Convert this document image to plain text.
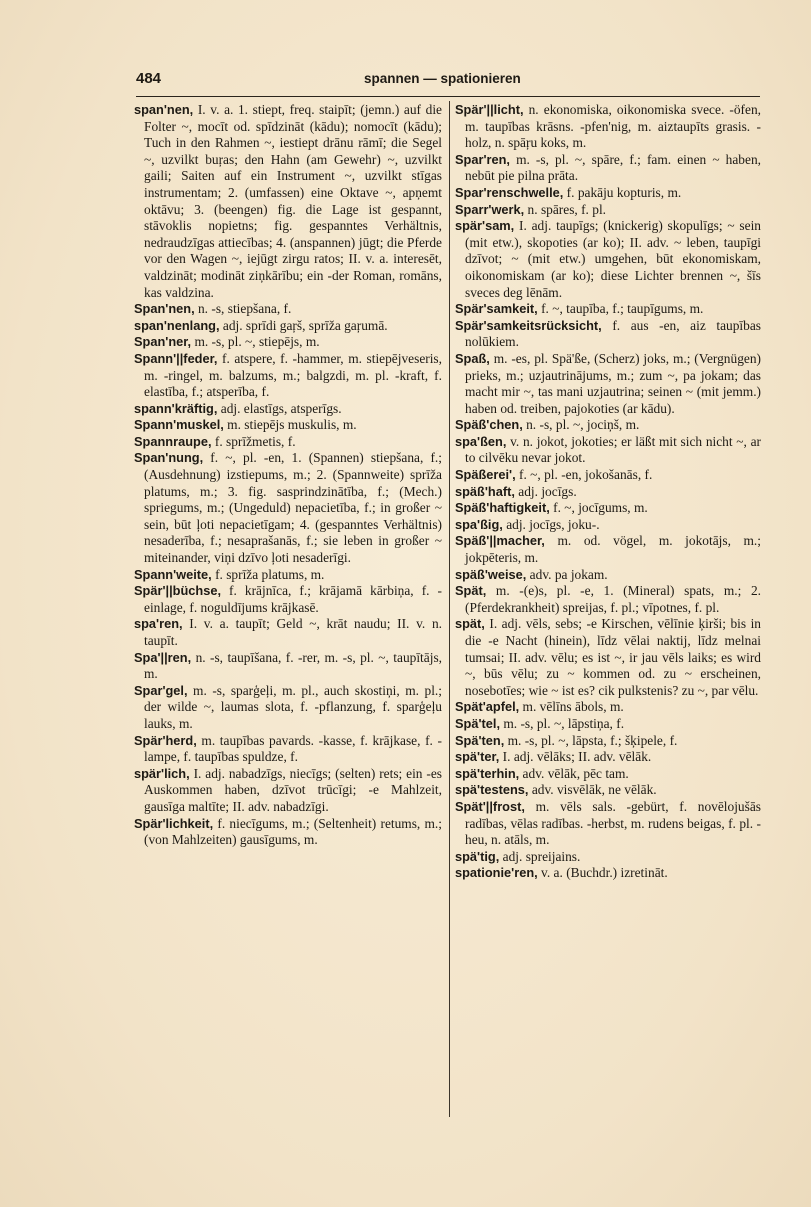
484	spannen — spationieren

span'nen, I. v. a. 1. stiept, freq. staipīt; (jemn.) auf die Folter ~, mocīt od. spīdzināt (kādu); nomocīt (kādu); Tuch in den Rahmen ~, iestiept drānu rāmī; die Segel ~, uzvilkt buŗas; den Hahn (am Gewehr) ~, uzvilkt gaili; Saiten auf ein Instrument ~, uzvilkt stīgas instrumentam; 2. (umfassen) eine Oktave ~, apņemt oktāvu; 3. (beengen) fig. die Lage ist gespannt, stāvoklis nopietns; fig. gespanntes Verhältnis, nedraudzīgas attiecības; 4. (anspannen) jūgt; die Pferde vor den Wagen ~, iejūgt zirgu ratos; II. v. a. interesēt, valdzināt; modināt ziņkārību; ein -der Roman, romāns, kas valdzina.

Span'nen, n. -s, stiepšana, f.

span'nenlang, adj. sprīdi gaŗš, sprīža gaŗumā.

Span'ner, m. -s, pl. ~, stiepējs, m.

Spann'||feder, f. atspere, f. -hammer, m. stiepējveseris, m. -ringel, m. balzums, m.; balgzdi, m. pl. -kraft, f. elastība, f.; atsperība, f.

spann'kräftig, adj. elastīgs, atsperīgs.

Spann'muskel, m. stiepējs muskulis, m.

Spannraupe, f. sprīžmetis, f.

Span'nung, f. ~, pl. -en, 1. (Spannen) stiepšana, f.; (Ausdehnung) izstiepums, m.; 2. (Spannweite) sprīža platums, m.; 3. fig. sasprindzinātība, f.; (Mech.) spriegums, m.; (Ungeduld) nepacietība, f.; in großer ~ sein, būt ļoti nepacietīgam; 4. (gespanntes Verhältnis) nesaderība, f.; nesaprašanās, f.; sie leben in großer ~ miteinander, viņi dzīvo ļoti nesaderīgi.

Spann'weite, f. sprīža platums, m.

Spär'||büchse, f. krājnīca, f.; krājamā kārbiņa, f. -einlage, f. noguldījums krājkasē.

spa'ren, I. v. a. taupīt; Geld ~, krāt naudu; II. v. n. taupīt.

Spa'||ren, n. -s, taupīšana, f. -rer, m. -s, pl. ~, taupītājs, m.

Spar'gel, m. -s, sparģeļi, m. pl., auch skostiņi, m. pl.; der wilde ~, laumas slota, f. -pflanzung, f. sparģeļu lauks, m.

Spär'herd, m. taupības pavards. -kasse, f. krājkase, f. -lampe, f. taupības spuldze, f.

spär'lich, I. adj. nabadzīgs, niecīgs; (selten) rets; ein -es Auskommen haben, dzīvot trūcīgi; -e Mahlzeit, gausīga maltīte; II. adv. nabadzīgi.

Spär'lichkeit, f. niecīgums, m.; (Seltenheit) retums, m.; (von Mahlzeiten) gausīgums, m.

Spär'||licht, n. ekonomiska, oikonomiska svece. -öfen, m. taupības krāsns. -pfen'nig, m. aiztaupīts grasis. -holz, n. spāŗu koks, m.

Spar'ren, m. -s, pl. ~, spāre, f.; fam. einen ~ haben, nebūt pie pilna prāta.

Spar'renschwelle, f. pakāju kopturis, m.

Sparr'werk, n. spāres, f. pl.

spär'sam, I. adj. taupīgs; (knickerig) skopulīgs; ~ sein (mit etw.), skopoties (ar ko); II. adv. ~ leben, taupīgi dzīvot; ~ (mit etw.) umgehen, būt ekonomiskam, oikonomiskam (ar ko); diese Lichter brennen ~, šīs sveces deg lēnām.

Spär'samkeit, f. ~, taupība, f.; taupīgums, m.

Spär'samkeitsrücksicht, f. aus -en, aiz taupības nolūkiem.

Spaß, m. -es, pl. Spä'ße, (Scherz) joks, m.; (Vergnügen) prieks, m.; uzjautrinājums, m.; zum ~, pa jokam; das macht mir ~, tas mani uzjautrina; seinen ~ (mit jemm.) haben od. treiben, pajokoties (ar kādu).

Späß'chen, n. -s, pl. ~, jociņš, m.

spa'ßen, v. n. jokot, jokoties; er läßt mit sich nicht ~, ar to cilvēku nevar jokot.

Späßerei', f. ~, pl. -en, jokošanās, f.

späß'haft, adj. jocīgs.

Späß'haftigkeit, f. ~, jocīgums, m.

spa'ßig, adj. jocīgs, joku-.

Späß'||macher, m. od. vögel, m. jokotājs, m.; jokpēteris, m.

späß'weise, adv. pa jokam.

Spät, m. -(e)s, pl. -e, 1. (Mineral) spats, m.; 2. (Pferdekrankheit) spreijas, f. pl.; vīpotnes, f. pl.

spät, I. adj. vēls, sebs; -e Kirschen, vēlīnie ķirši; bis in die -e Nacht (hinein), līdz vēlai naktij, līdz melnai tumsai; II. adv. vēlu; es ist ~, ir jau vēls laiks; es wird ~, būs vēlu; zu ~ kommen od. zu ~ erscheinen, nosebotīes; wie ~ ist es? cik pulkstenis? zu ~, par vēlu.

Spät'apfel, m. vēlīns ābols, m.

Spä'tel, m. -s, pl. ~, lāpstiņa, f.

Spä'ten, m. -s, pl. ~, lāpsta, f.; šķipele, f.

spä'ter, I. adj. vēlāks; II. adv. vēlāk.

spä'terhin, adv. vēlāk, pēc tam.

spä'testens, adv. visvēlāk, ne vēlāk.

Spät'||frost, m. vēls sals. -gebürt, f. novēlojušās radības, vēlas radības. -herbst, m. rudens beigas, f. pl. -heu, n. atāls, m.

spä'tig, adj. spreijains.

spationie'ren, v. a. (Buchdr.) izretināt.
